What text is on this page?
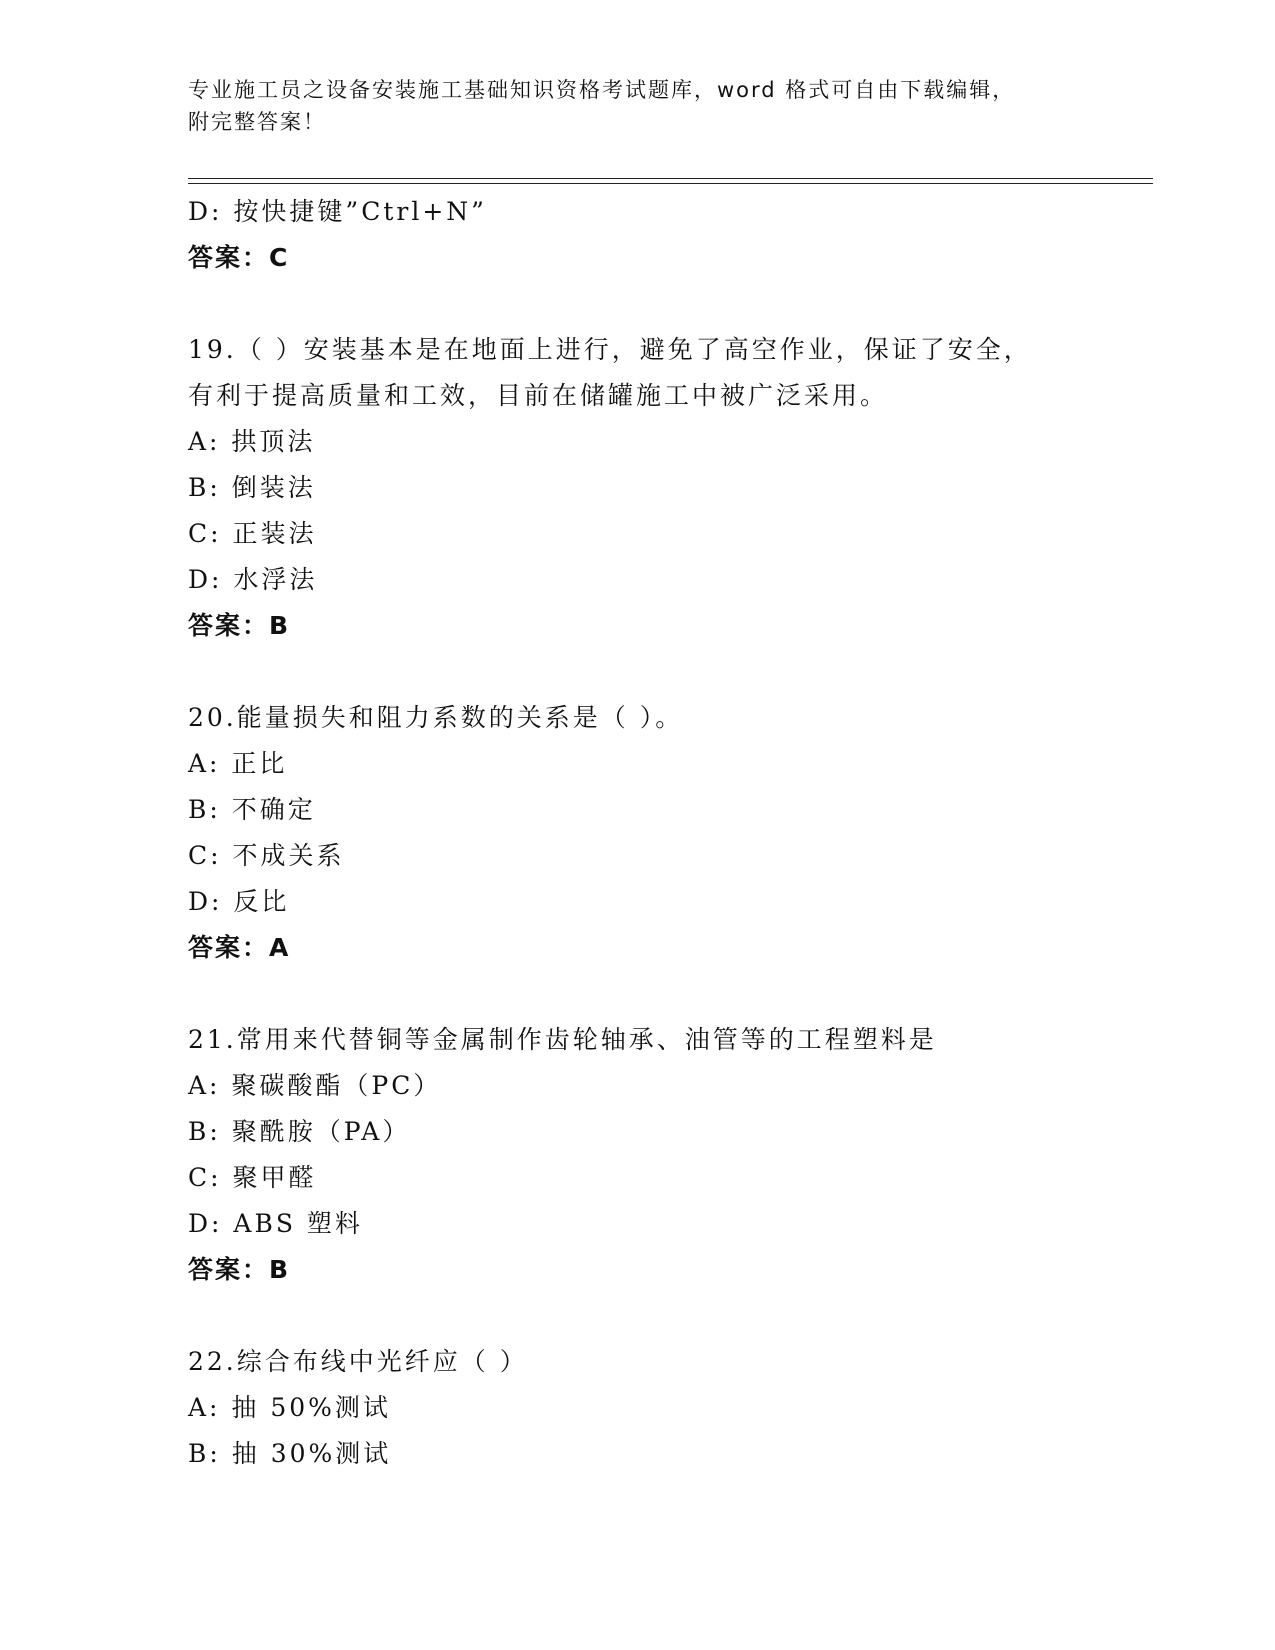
专业施工员之设备安装施工基础知识资格考试题库，word 格式可自由下载编辑，
附完整答案！
D: 按快捷键”Ctrl+N”
答案：C
19.（ ）安装基本是在地面上进行，避免了高空作业，保证了安全，
有利于提高质量和工效，目前在储罐施工中被广泛采用。
A: 拱顶法
B: 倒装法
C: 正装法
D: 水浮法
答案：B
20.能量损失和阻力系数的关系是（ ）。
A: 正比
B: 不确定
C: 不成关系
D: 反比
答案：A
21.常用来代替铜等金属制作齿轮轴承、油管等的工程塑料是
A: 聚碳酸酯（PC）
B: 聚酰胺（PA）
C: 聚甲醛
D: ABS 塑料
答案：B
22.综合布线中光纤应（ ）
A: 抽 50%测试
B: 抽 30%测试
